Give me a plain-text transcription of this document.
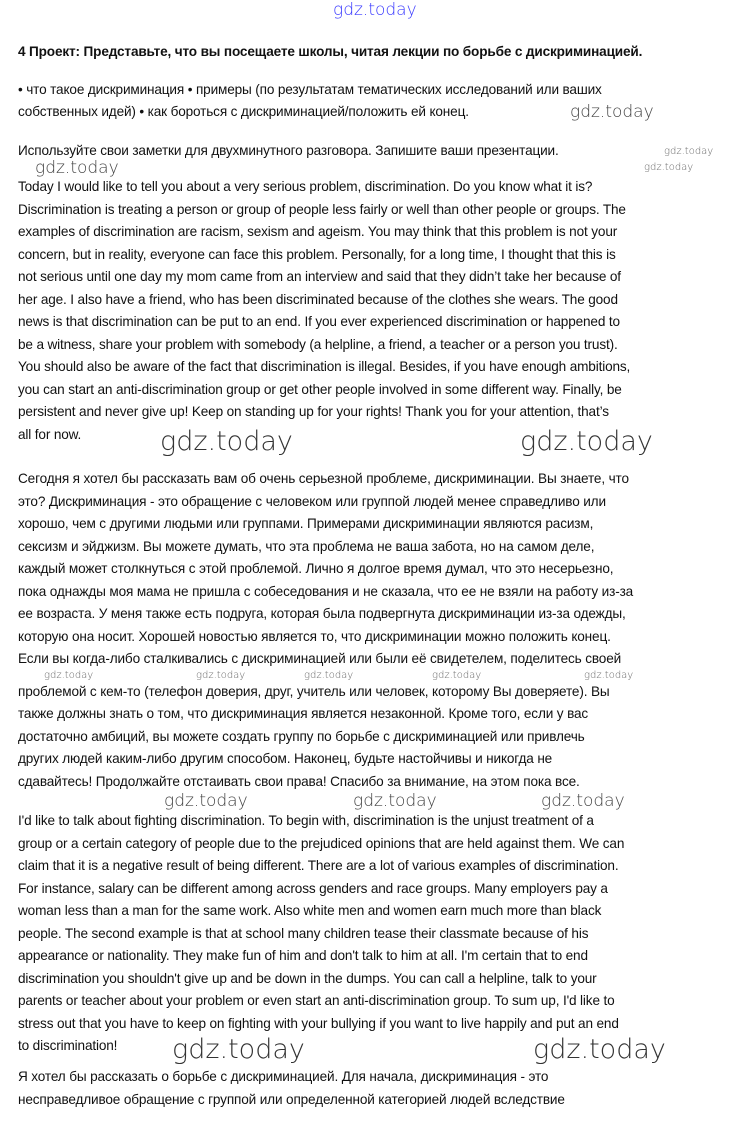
gdz.today
4 Проект: Представьте, что вы посещаете школы, читая лекции по борьбе с дискриминацией.
• что такое дискриминация • примеры (по результатам тематических исследований или ваших
собственных идей) • как бороться с дискриминацией/положить ей конец.
Используйте свои заметки для двухминутного разговора. Запишите ваши презентации.
Today I would like to tell you about a very serious problem, discrimination. Do you know what it is?
Discrimination is treating a person or group of people less fairly or well than other people or groups. The
examples of discrimination are racism, sexism and ageism. You may think that this problem is not your
concern, but in reality, everyone can face this problem. Personally, for a long time, I thought that this is
not serious until one day my mom came from an interview and said that they didn’t take her because of
her age. I also have a friend, who has been discriminated because of the clothes she wears. The good
news is that discrimination can be put to an end. If you ever experienced discrimination or happened to
be a witness, share your problem with somebody (a helpline, a friend, a teacher or a person you trust).
You should also be aware of the fact that discrimination is illegal. Besides, if you have enough ambitions,
you can start an anti-discrimination group or get other people involved in some different way. Finally, be
persistent and never give up! Keep on standing up for your rights! Thank you for your attention, that’s
all for now.
Сегодня я хотел бы рассказать вам об очень серьезной проблеме, дискриминации. Вы знаете, что
это? Дискриминация - это обращение с человеком или группой людей менее справедливо или
хорошо, чем с другими людьми или группами. Примерами дискриминации являются расизм,
сексизм и эйджизм. Вы можете думать, что эта проблема не ваша забота, но на самом деле,
каждый может столкнуться с этой проблемой. Лично я долгое время думал, что это несерьезно,
пока однажды моя мама не пришла с собеседования и не сказала, что ее не взяли на работу из-за
ее возраста. У меня также есть подруга, которая была подвергнута дискриминации из-за одежды,
которую она носит. Хорошей новостью является то, что дискриминации можно положить конец.
Если вы когда-либо сталкивались с дискриминацией или были её свидетелем, поделитесь своей
проблемой с кем-то (телефон доверия, друг, учитель или человек, которому Вы доверяете). Вы
также должны знать о том, что дискриминация является незаконной. Кроме того, если у вас
достаточно амбиций, вы можете создать группу по борьбе с дискриминацией или привлечь
других людей каким-либо другим способом. Наконец, будьте настойчивы и никогда не
сдавайтесь! Продолжайте отстаивать свои права! Спасибо за внимание, на этом пока все.
I'd like to talk about fighting discrimination. To begin with, discrimination is the unjust treatment of a
group or a certain category of people due to the prejudiced opinions that are held against them. We can
claim that it is a negative result of being different. There are a lot of various examples of discrimination.
For instance, salary can be different among across genders and race groups. Many employers pay a
woman less than a man for the same work. Also white men and women earn much more than black
people. The second example is that at school many children tease their classmate because of his
appearance or nationality. They make fun of him and don't talk to him at all. I'm certain that to end
discrimination you shouldn't give up and be down in the dumps. You can call a helpline, talk to your
parents or teacher about your problem or even start an anti-discrimination group. To sum up, I'd like to
stress out that you have to keep on fighting with your bullying if you want to live happily and put an end
to discrimination!
Я хотел бы рассказать о борьбе с дискриминацией. Для начала, дискриминация - это
несправедливое обращение с группой или определенной категорией людей вследствие
gdz.today
gdz.today
gdz.today	gdz.today
gdz.today	gdz.today
gdz.today	gdz.today	gdz.today	gdz.today	gdz.today
gdz.today	gdz.today	gdz.today
gdz.today	gdz.today
